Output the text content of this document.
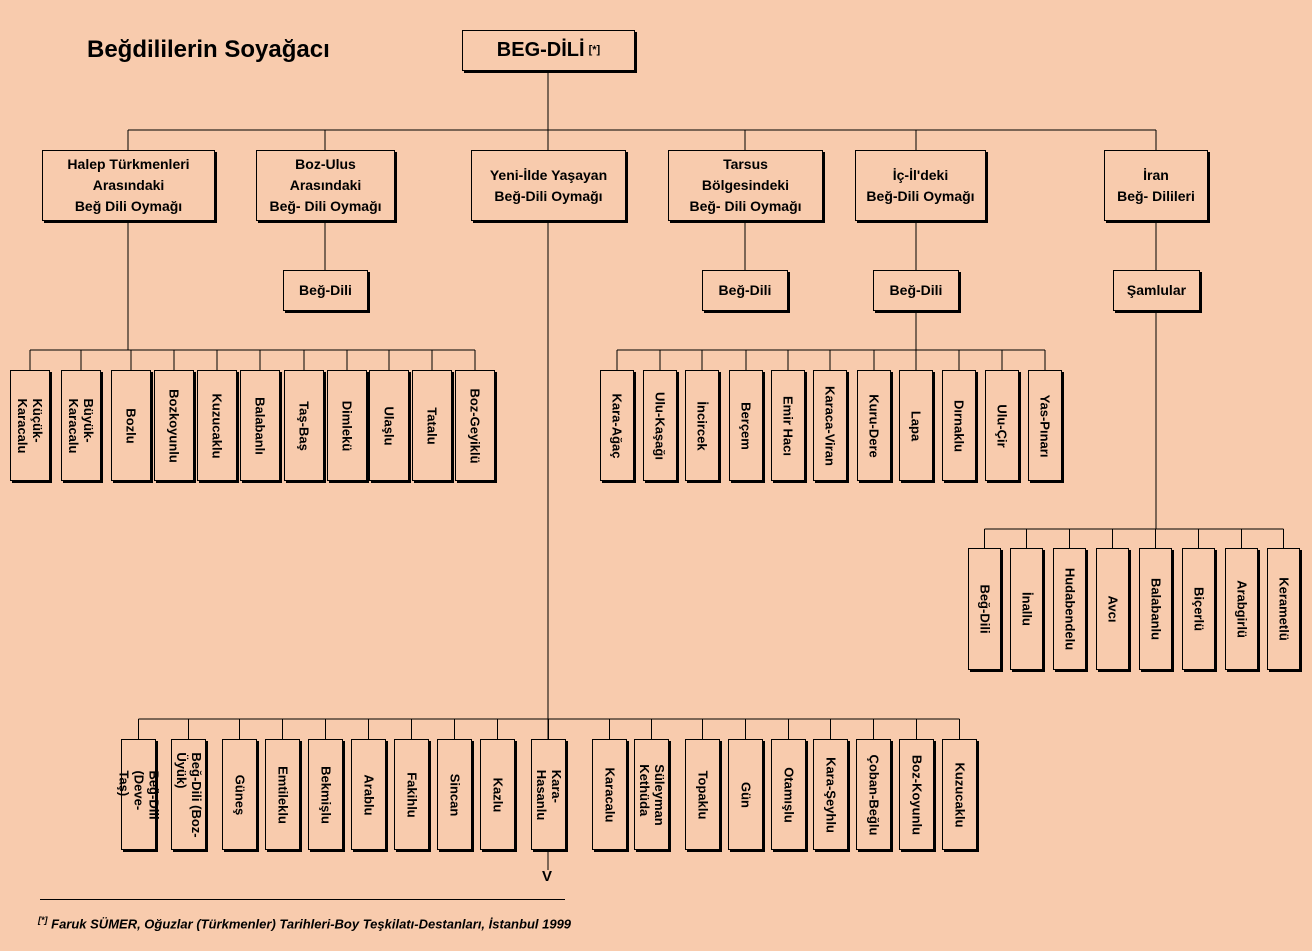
Beğdililerin Soyağacı	BEG-DİLİ [*]
Halep Türkmenleri
Arasındaki
Beğ Dili Oymağı
Boz-Ulus
Arasındaki
Beğ- Dili Oymağı
Yeni-İlde Yaşayan
Beğ-Dili Oymağı
Tarsus
Bölgesindeki
Beğ- Dili Oymağı
İç-İl'deki
Beğ-Dili Oymağı
İran
Beğ- Dilileri
Beğ-Dili	Beğ-Dili	Beğ-Dili	Şamlular
Küçük-
Karacalu	Büyük-
Karacalu	Bozlu Bozkoyunlu Kuzucaklu Balabanlı Taş-Baş Dimlekü Ulaşlu Tatalu Boz-Geyiklü	Kara-Ağaç Ulu-Kaşağı İncircek Berçem Emir Hacı Karaca-Viran Kuru-Dere Lapa Dırnaklu Ulu-Çir Yas-Pınarı
Beğ-Dili İnallu Hudabendelu Avcı Balabanlu Biçerlü Arabgirlü Kerametlü
Beğ-Dili
(Deve-
Taş)	Beğ-Dili (Boz-
Üyük)
Güneş Emtileklu Bekmişlu Arablu Fakihlu Sincan Kazlu	Kara-
Hasanlu	Karacalu	Süleyman
Kethüda	Topaklu Gün Otamışlu Kara-Şeyhlu Çoban-Beğlu Boz-Koyunlu Kuzucaklu
V
[*] Faruk SÜMER, Oğuzlar (Türkmenler) Tarihleri-Boy Teşkilatı-Destanları, İstanbul 1999
